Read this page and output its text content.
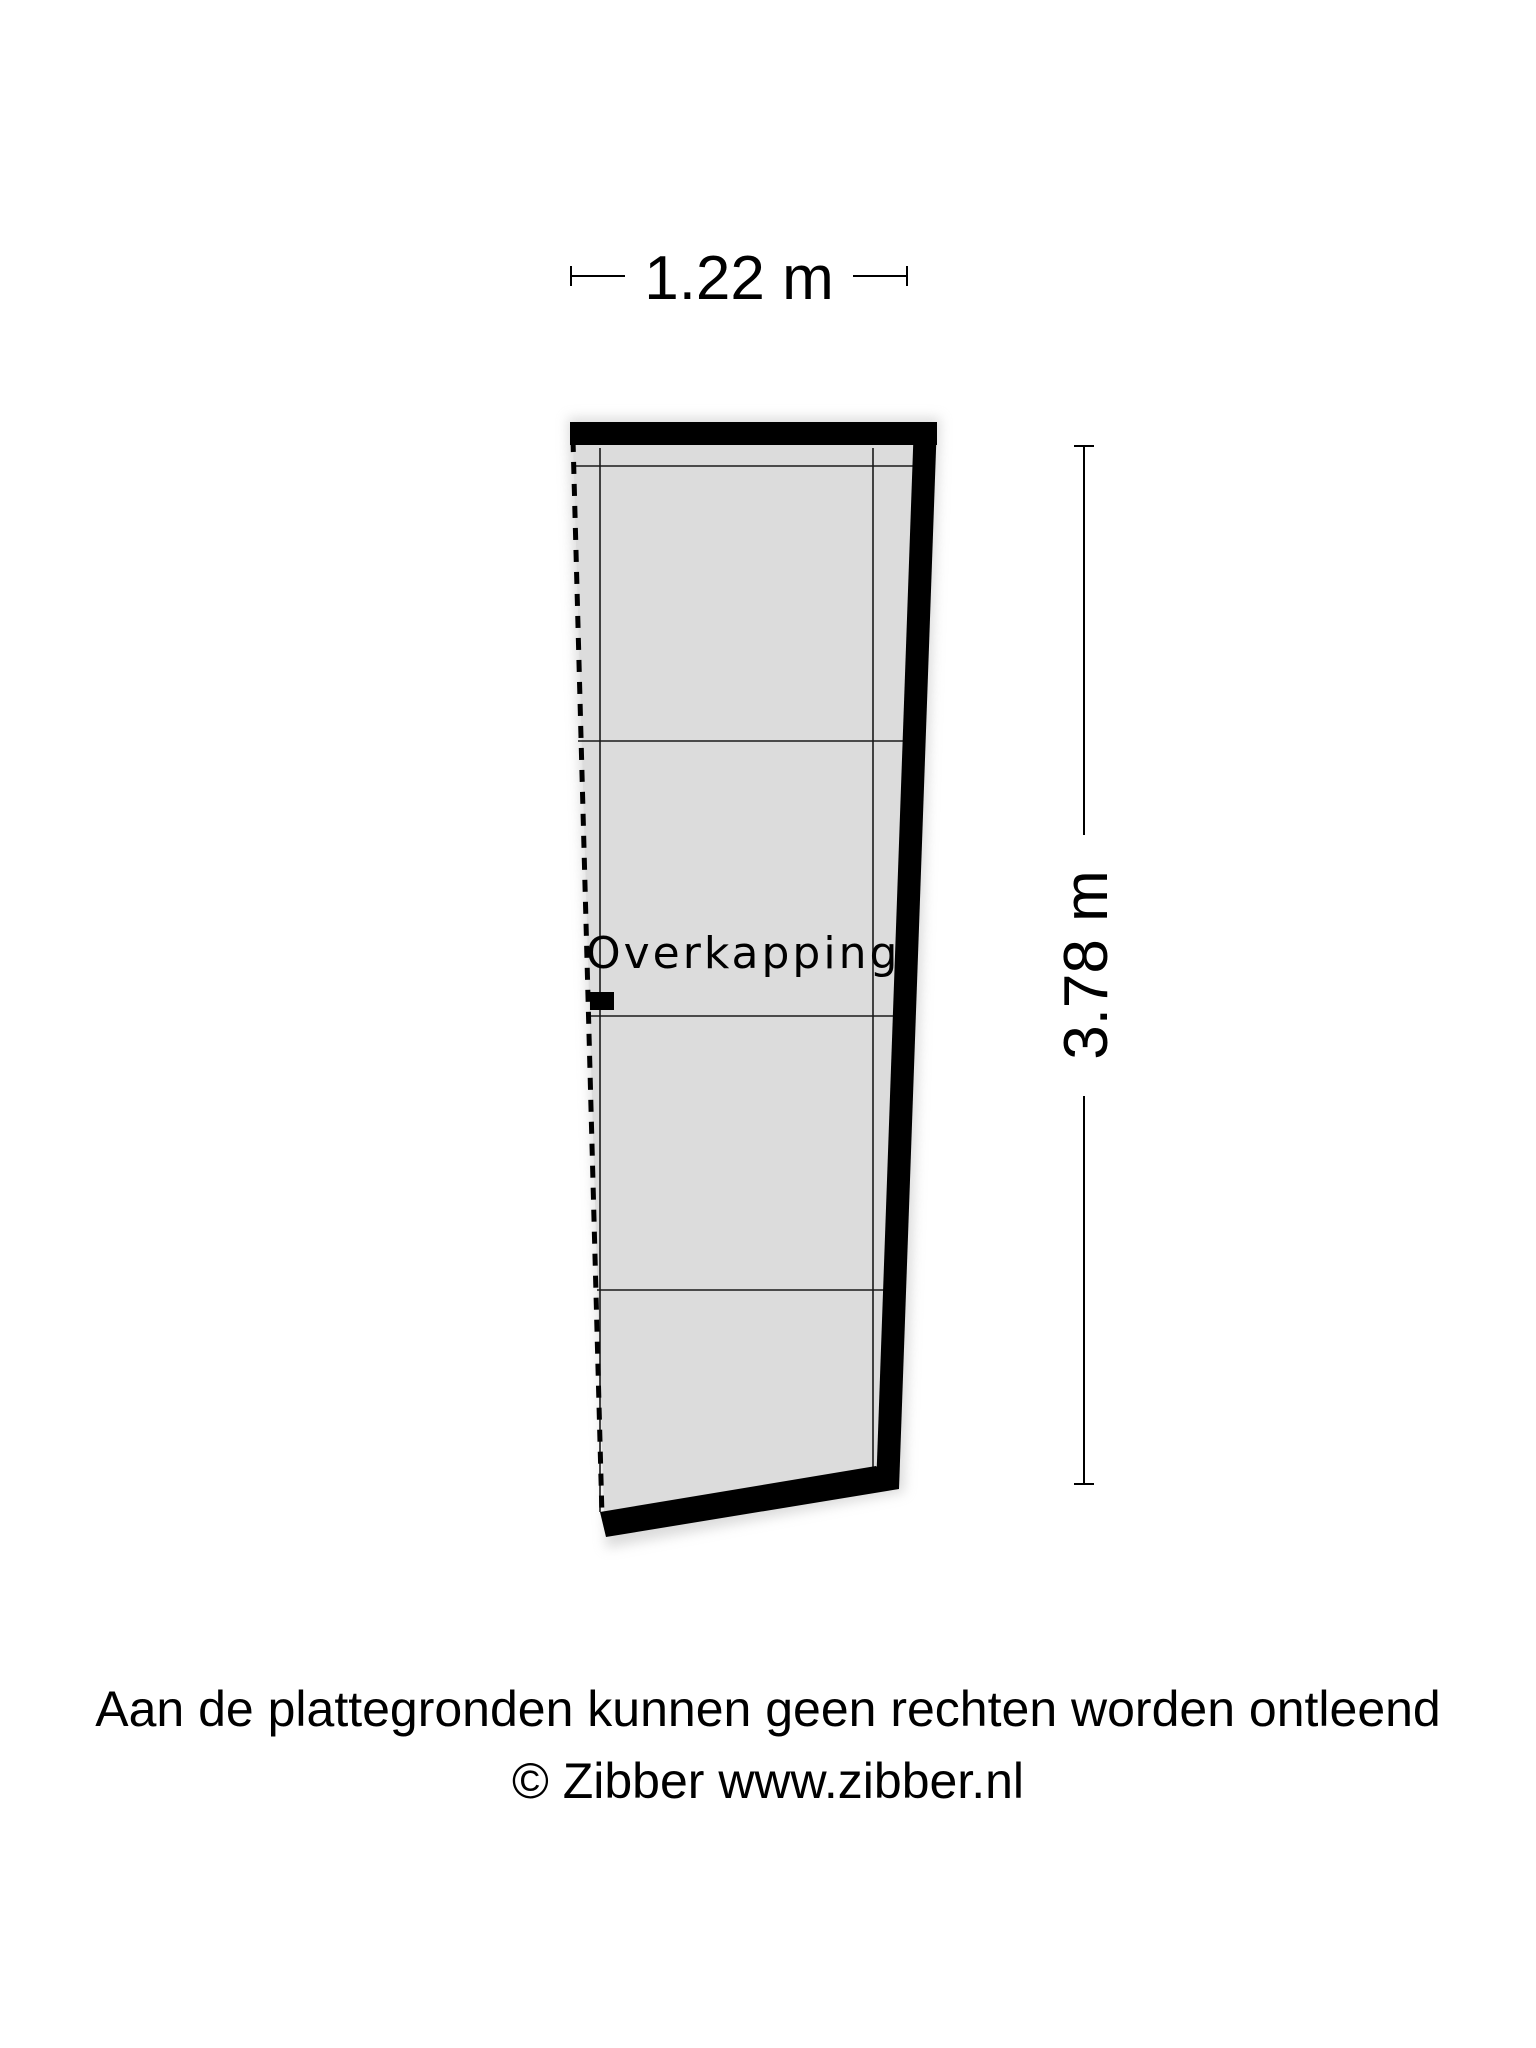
Overkapping
1.22 m
3.78 m
Aan de plattegronden kunnen geen rechten worden ontleend
© Zibber www.zibber.nl
